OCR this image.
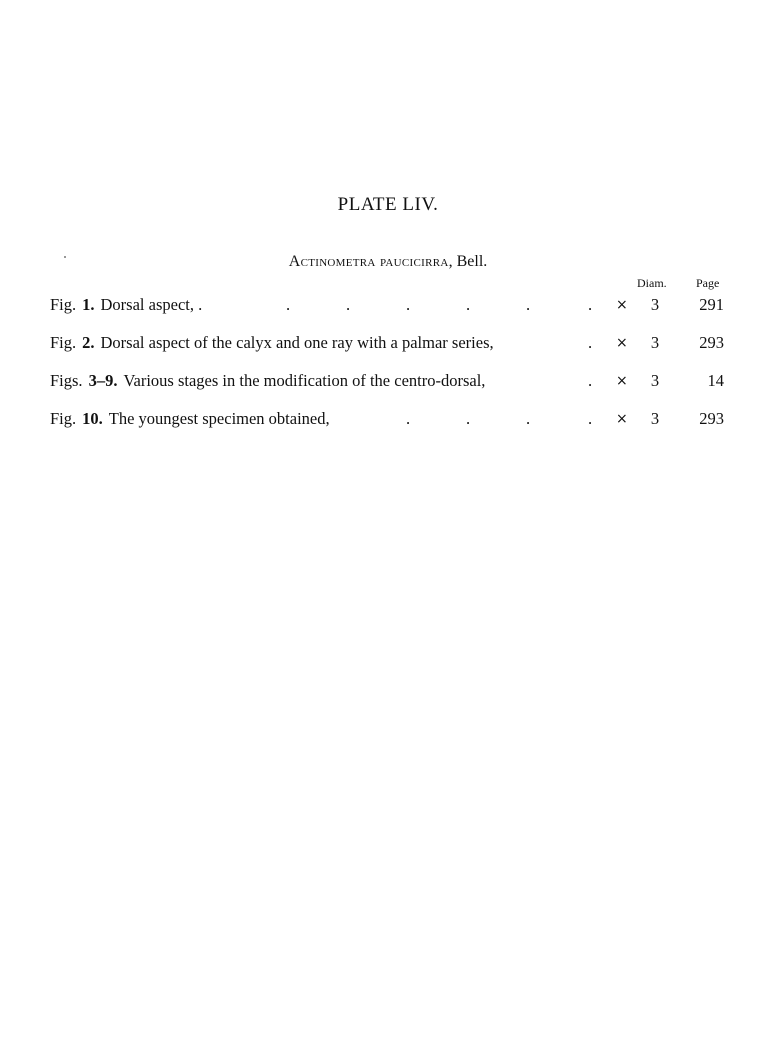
PLATE LIV.
Actinometra paucicirra, Bell.
Diam. Page
Fig. 1. Dorsal aspect, .	.	.	.	.	.	. × 3 291
Fig. 2. Dorsal aspect of the calyx and one ray with a palmar series,	. × 3 293
Figs. 3–9. Various stages in the modification of the centro-dorsal,	. × 3	14
Fig. 10. The youngest specimen obtained,	.	.	.	. × 3 293
